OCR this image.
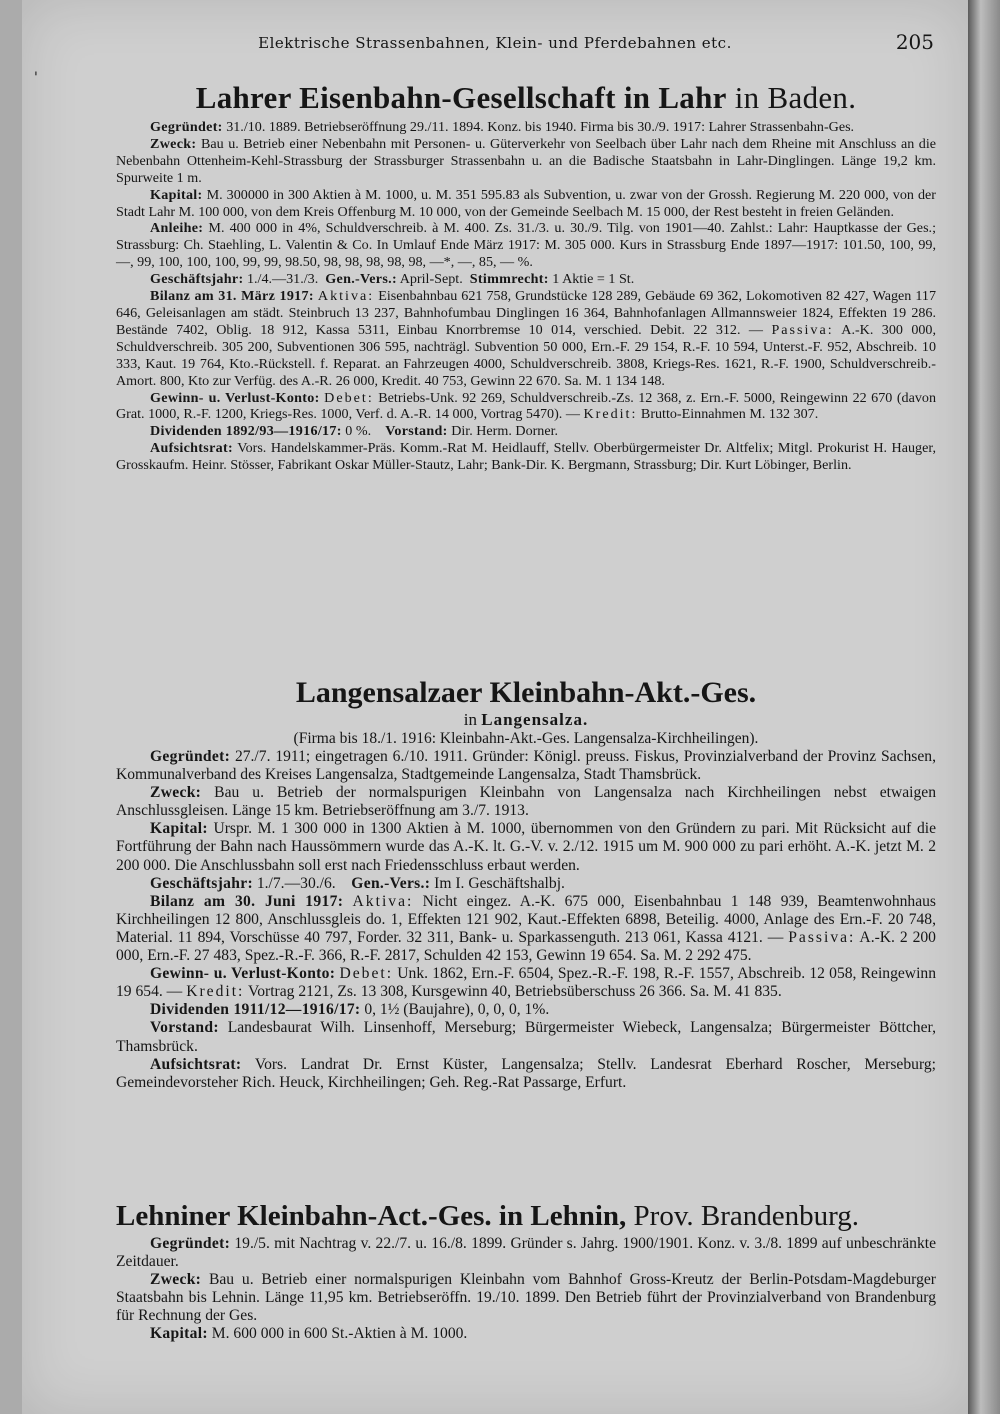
'
Elektrische Strassenbahnen, Klein- und Pferdebahnen etc.	205
Lahrer Eisenbahn-Gesellschaft in Lahr in Baden.

Gegründet: 31./10. 1889. Betriebseröffnung 29./11. 1894. Konz. bis 1940. Firma bis 30./9. 1917: Lahrer Strassenbahn-Ges.

Zweck: Bau u. Betrieb einer Nebenbahn mit Personen- u. Güterverkehr von Seelbach über Lahr nach dem Rheine mit Anschluss an die Nebenbahn Ottenheim-Kehl-Strassburg der Strassburger Strassenbahn u. an die Badische Staatsbahn in Lahr-Dinglingen. Länge 19,2 km. Spurweite 1 m.

Kapital: M. 300000 in 300 Aktien à M. 1000, u. M. 351 595.83 als Subvention, u. zwar von der Grossh. Regierung M. 220 000, von der Stadt Lahr M. 100 000, von dem Kreis Offenburg M. 10 000, von der Gemeinde Seelbach M. 15 000, der Rest besteht in freien Geländen.

Anleihe: M. 400 000 in 4%, Schuldverschreib. à M. 400. Zs. 31./3. u. 30./9. Tilg. von 1901—40. Zahlst.: Lahr: Hauptkasse der Ges.; Strassburg: Ch. Staehling, L. Valentin & Co. In Umlauf Ende März 1917: M. 305 000. Kurs in Strassburg Ende 1897—1917: 101.50, 100, 99, —, 99, 100, 100, 100, 99, 99, 98.50, 98, 98, 98, 98, 98, —*, —, 85, — %.

Geschäftsjahr: 1./4.—31./3. Gen.-Vers.: April-Sept. Stimmrecht: 1 Aktie = 1 St.

Bilanz am 31. März 1917: Aktiva: Eisenbahnbau 621 758, Grundstücke 128 289, Gebäude 69 362, Lokomotiven 82 427, Wagen 117 646, Geleisanlagen am städt. Steinbruch 13 237, Bahnhofumbau Dinglingen 16 364, Bahnhofanlagen Allmannsweier 1824, Effekten 19 286. Bestände 7402, Oblig. 18 912, Kassa 5311, Einbau Knorrbremse 10 014, verschied. Debit. 22 312. — Passiva: A.-K. 300 000, Schuldverschreib. 305 200, Subventionen 306 595, nachträgl. Subvention 50 000, Ern.-F. 29 154, R.-F. 10 594, Unterst.-F. 952, Abschreib. 10 333, Kaut. 19 764, Kto.-Rückstell. f. Reparat. an Fahrzeugen 4000, Schuldverschreib. 3808, Kriegs-Res. 1621, R.-F. 1900, Schuldverschreib.-Amort. 800, Kto zur Verfüg. des A.-R. 26 000, Kredit. 40 753, Gewinn 22 670. Sa. M. 1 134 148.

Gewinn- u. Verlust-Konto: Debet: Betriebs-Unk. 92 269, Schuldverschreib.-Zs. 12 368, z. Ern.-F. 5000, Reingewinn 22 670 (davon Grat. 1000, R.-F. 1200, Kriegs-Res. 1000, Verf. d. A.-R. 14 000, Vortrag 5470). — Kredit: Brutto-Einnahmen M. 132 307.

Dividenden 1892/93—1916/17: 0 %. Vorstand: Dir. Herm. Dorner.

Aufsichtsrat: Vors. Handelskammer-Präs. Komm.-Rat M. Heidlauff, Stellv. Oberbürgermeister Dr. Altfelix; Mitgl. Prokurist H. Hauger, Grosskaufm. Heinr. Stösser, Fabrikant Oskar Müller-Stautz, Lahr; Bank-Dir. K. Bergmann, Strassburg; Dir. Kurt Löbinger, Berlin.

Langensalzaer Kleinbahn-Akt.-Ges.

in Langensalza.

(Firma bis 18./1. 1916: Kleinbahn-Akt.-Ges. Langensalza-Kirchheilingen).

Gegründet: 27./7. 1911; eingetragen 6./10. 1911. Gründer: Königl. preuss. Fiskus, Provinzialverband der Provinz Sachsen, Kommunalverband des Kreises Langensalza, Stadtgemeinde Langensalza, Stadt Thamsbrück.

Zweck: Bau u. Betrieb der normalspurigen Kleinbahn von Langensalza nach Kirchheilingen nebst etwaigen Anschlussgleisen. Länge 15 km. Betriebseröffnung am 3./7. 1913.

Kapital: Urspr. M. 1 300 000 in 1300 Aktien à M. 1000, übernommen von den Gründern zu pari. Mit Rücksicht auf die Fortführung der Bahn nach Haussömmern wurde das A.-K. lt. G.-V. v. 2./12. 1915 um M. 900 000 zu pari erhöht. A.-K. jetzt M. 2 200 000. Die Anschlussbahn soll erst nach Friedensschluss erbaut werden.

Geschäftsjahr: 1./7.—30./6. Gen.-Vers.: Im I. Geschäftshalbj.

Bilanz am 30. Juni 1917: Aktiva: Nicht eingez. A.-K. 675 000, Eisenbahnbau 1 148 939, Beamtenwohnhaus Kirchheilingen 12 800, Anschlussgleis do. 1, Effekten 121 902, Kaut.-Effekten 6898, Beteilig. 4000, Anlage des Ern.-F. 20 748, Material. 11 894, Vorschüsse 40 797, Forder. 32 311, Bank- u. Sparkassenguth. 213 061, Kassa 4121. — Passiva: A.-K. 2 200 000, Ern.-F. 27 483, Spez.-R.-F. 366, R.-F. 2817, Schulden 42 153, Gewinn 19 654. Sa. M. 2 292 475.

Gewinn- u. Verlust-Konto: Debet: Unk. 1862, Ern.-F. 6504, Spez.-R.-F. 198, R.-F. 1557, Abschreib. 12 058, Reingewinn 19 654. — Kredit: Vortrag 2121, Zs. 13 308, Kursgewinn 40, Betriebsüberschuss 26 366. Sa. M. 41 835.

Dividenden 1911/12—1916/17: 0, 1½ (Baujahre), 0, 0, 0, 1%.

Vorstand: Landesbaurat Wilh. Linsenhoff, Merseburg; Bürgermeister Wiebeck, Langensalza; Bürgermeister Böttcher, Thamsbrück.

Aufsichtsrat: Vors. Landrat Dr. Ernst Küster, Langensalza; Stellv. Landesrat Eberhard Roscher, Merseburg; Gemeindevorsteher Rich. Heuck, Kirchheilingen; Geh. Reg.-Rat Passarge, Erfurt.

Lehniner Kleinbahn-Act.-Ges. in Lehnin, Prov. Brandenburg.

Gegründet: 19./5. mit Nachtrag v. 22./7. u. 16./8. 1899. Gründer s. Jahrg. 1900/1901. Konz. v. 3./8. 1899 auf unbeschränkte Zeitdauer.

Zweck: Bau u. Betrieb einer normalspurigen Kleinbahn vom Bahnhof Gross-Kreutz der Berlin-Potsdam-Magdeburger Staatsbahn bis Lehnin. Länge 11,95 km. Betriebseröffn. 19./10. 1899. Den Betrieb führt der Provinzialverband von Brandenburg für Rechnung der Ges.

Kapital: M. 600 000 in 600 St.-Aktien à M. 1000.
